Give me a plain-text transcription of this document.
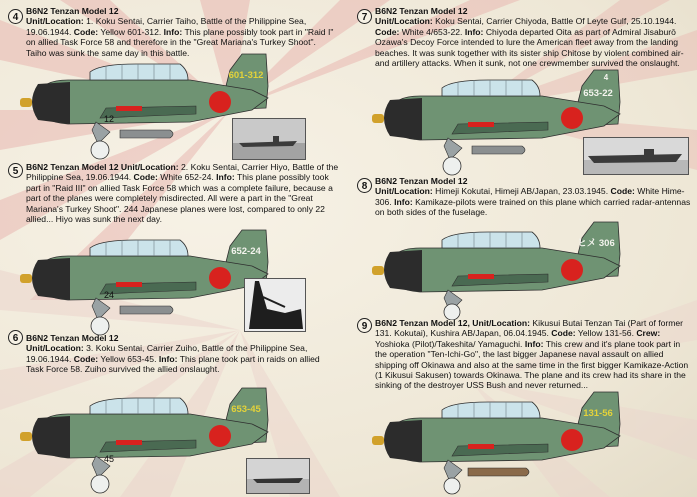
4
B6N2 Tenzan Model 12
Unit/Location: 1. Koku Sentai, Carrier Taiho, Battle of the Philippine Sea, 19.06.1944. Code: Yellow 601-312. Info: This plane possibly took part in "Raid I" on allied Task Force 58 and therefore in the "Great Mariana's Turkey Shoot". Taiho was sunk the same day in this battle.
601-312
12
5 B6N2 Tenzan Model 12 Unit/Location: 2. Koku Sentai, Carrier Hiyo, Battle of the Philippine Sea, 19.06.1944. Code: White 652-24. Info: This plane possibly took part in "Raid III" on allied Task Force 58 which was a complete failure, because a part of the planes were completely misdirected. All were a part in the "Great Mariana's Turkey Shoot". 244 Japanese planes were lost, compared to only 22 allied... Hiyo was sunk the next day.
652-24
24
6 B6N2 Tenzan Model 12
Unit/Location: 3. Koku Sentai, Carrier Zuiho, Battle of the Philippine Sea, 19.06.1944. Code: Yellow 653-45. Info: This plane took part in raids on allied Task Force 58. Zuiho survived the allied onslaught.
653-45
45
7
B6N2 Tenzan Model 12
Unit/Location: Koku Sentai, Carrier Chiyoda, Battle Of Leyte Gulf, 25.10.1944. Code: White 4/653-22. Info: Chiyoda departed Oita as part of Admiral Jisaburō Ozawa's Decoy Force intended to lure the American fleet away from the landing beaches. It was sunk together with its sister ship Chitose by violent combined air- and artillery attacks. When it sunk, not one crewmember survived the onslaught.
4
653-22
8 B6N2 Tenzan Model 12
Unit/Location: Himeji Kokutai, Himeji AB/Japan, 23.03.1945. Code: White Hime-306. Info: Kamikaze-pilots were trained on this plane which carried radar-antennas on both sides of the fuselage.
ヒメ 306
9 B6N2 Tenzan Model 12, Unit/Location: Kikusui Butai Tenzan Tai (Part of former 131. Kokutai), Kushira AB/Japan, 06.04.1945. Code: Yellow 131-56. Crew: Yoshioka (Pilot)/Takeshita/ Yamaguchi. Info: This crew and it's plane took part in the operation "Ten-Ichi-Go", the last bigger Japanese naval assault on allied shipping off Okinawa and also at the same time in the first bigger Kamikaze-Action (1 Kikusui Sakusen) towards Okinawa. The plane and its crew had its share in the sinking of the destroyer USS Bush and never returned...
131-56
